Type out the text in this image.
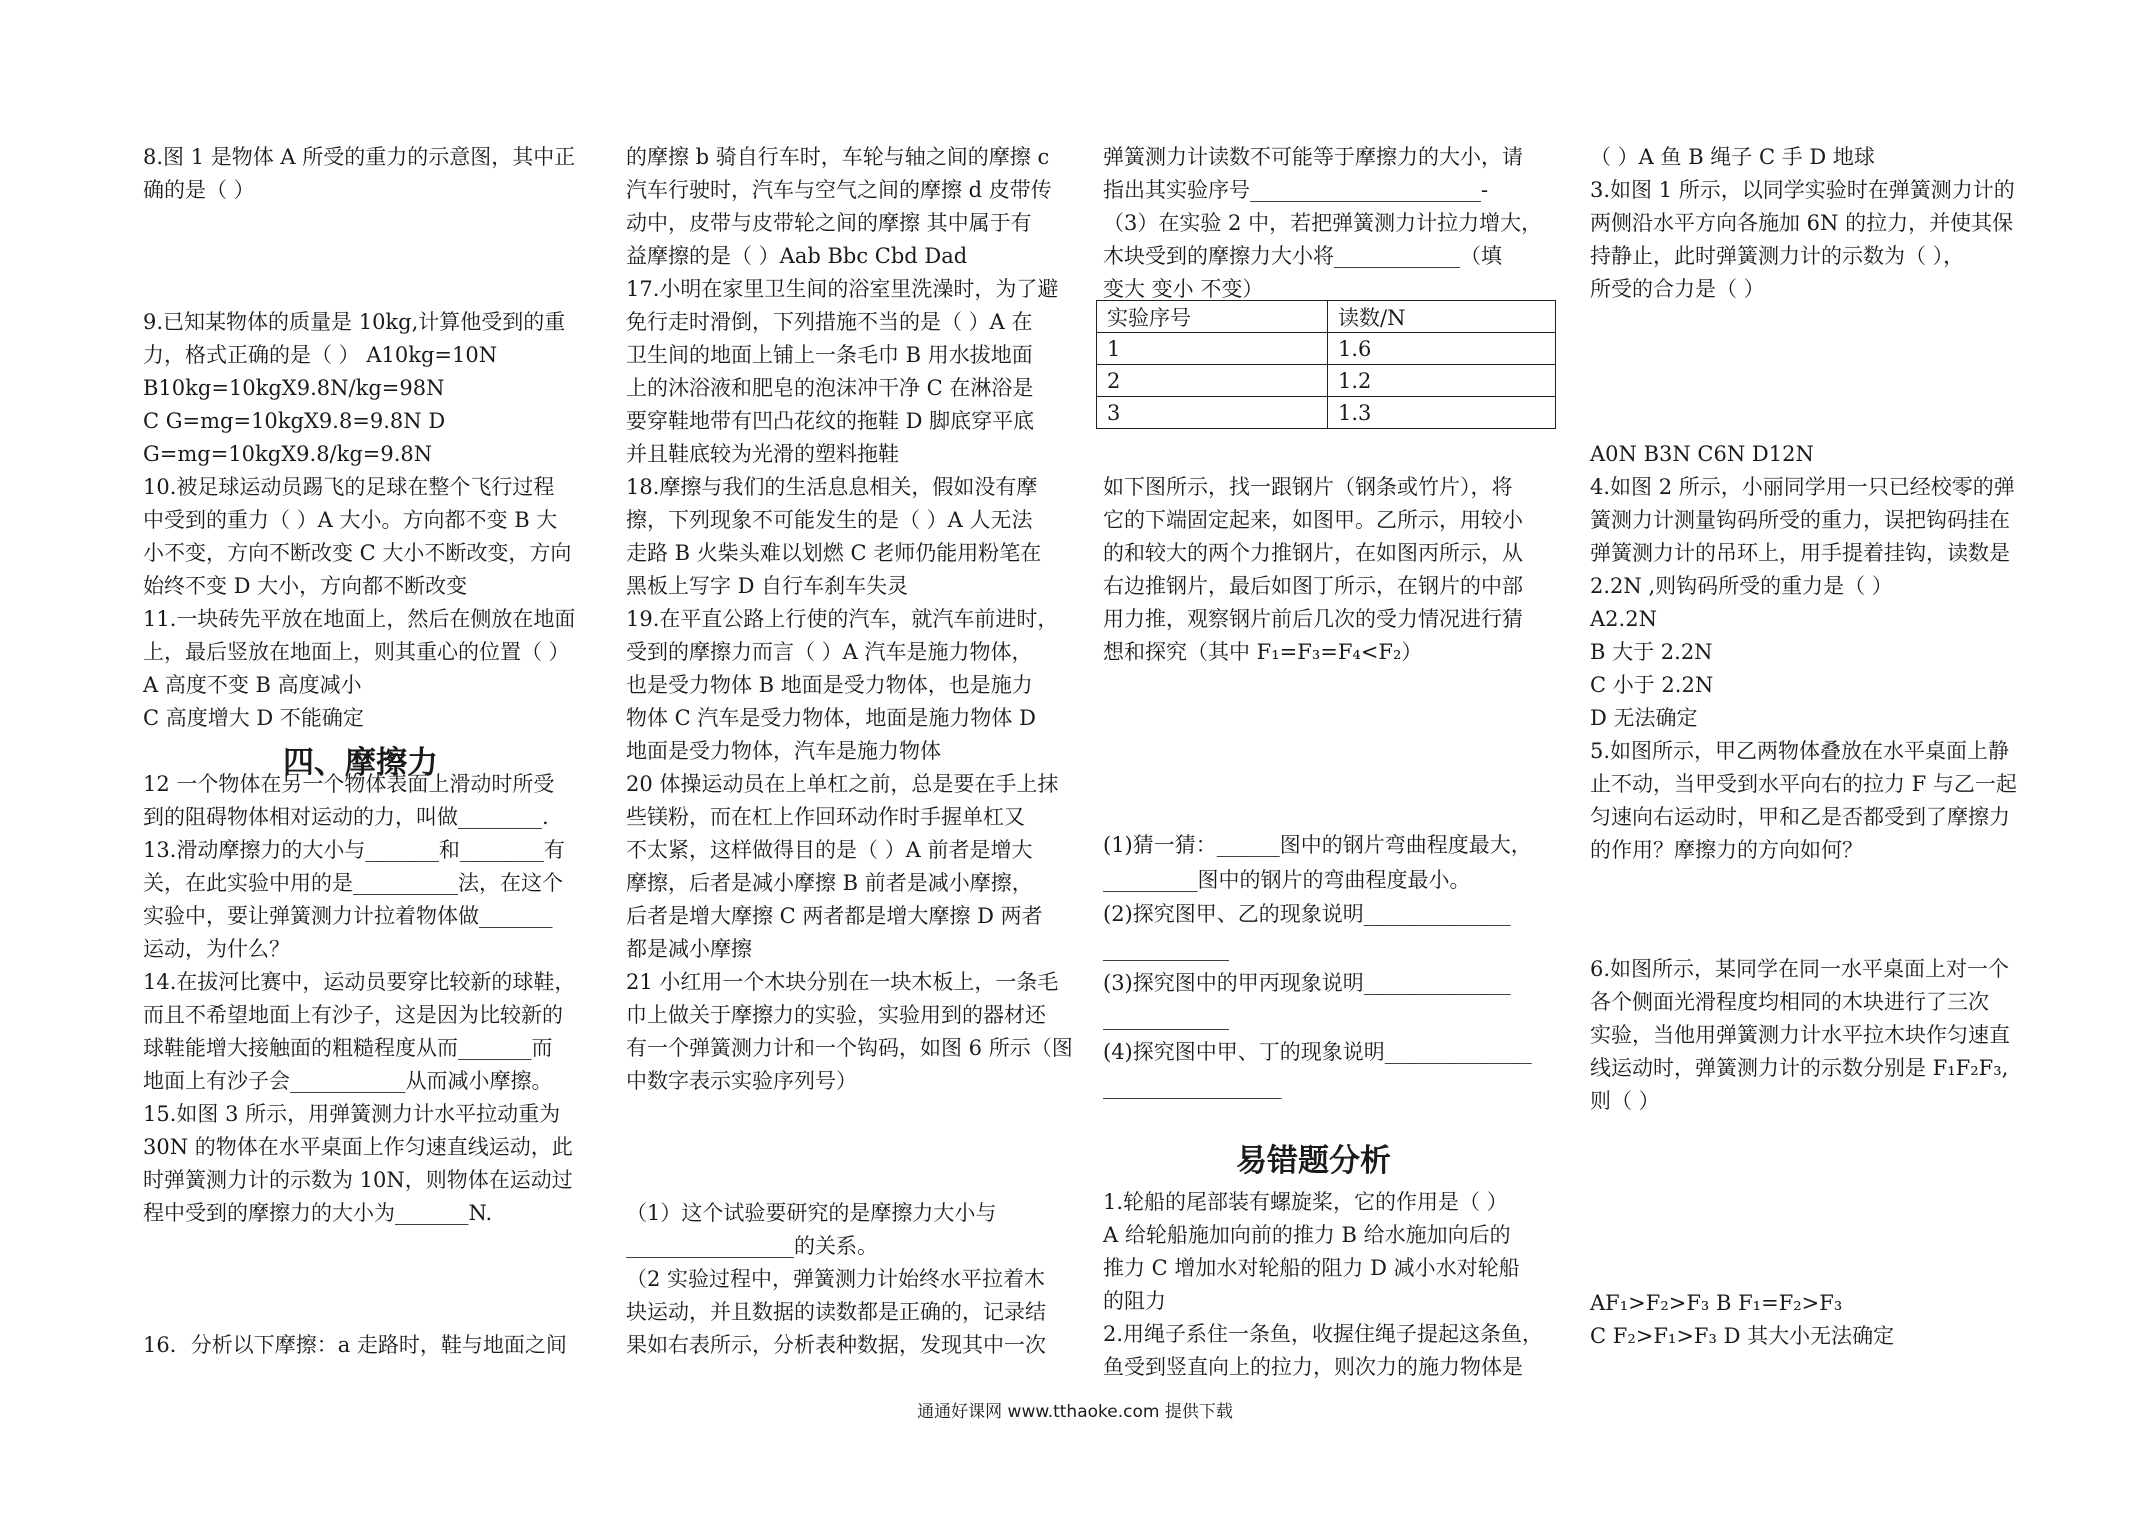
8.图 1 是物体 A 所受的重力的示意图，其中正
确的是（ ）
9.已知某物体的质量是 10kg,计算他受到的重
力，格式正确的是（ ） A10kg=10N
B10kg=10kgX9.8N/kg=98N
C G=mg=10kgX9.8=9.8N D
G=mg=10kgX9.8/kg=9.8N
10.被足球运动员踢飞的足球在整个飞行过程
中受到的重力（ ）A 大小。方向都不变 B 大
小不变，方向不断改变 C 大小不断改变，方向
始终不变 D 大小，方向都不断改变
11.一块砖先平放在地面上，然后在侧放在地面
上，最后竖放在地面上，则其重心的位置（ ）
A 高度不变 B 高度减小
C 高度增大 D 不能确定
12 一个物体在另一个物体表面上滑动时所受
到的阻碍物体相对运动的力，叫做________.
13.滑动摩擦力的大小与_______和________有
关，在此实验中用的是__________法，在这个
实验中，要让弹簧测力计拉着物体做_______
运动，为什么？
14.在拔河比赛中，运动员要穿比较新的球鞋，
而且不希望地面上有沙子，这是因为比较新的
球鞋能增大接触面的粗糙程度从而_______而
地面上有沙子会___________从而减小摩擦。
15.如图 3 所示，用弹簧测力计水平拉动重为
30N 的物体在水平桌面上作匀速直线运动，此
时弹簧测力计的示数为 10N，则物体在运动过
程中受到的摩擦力的大小为_______N.
16．分析以下摩擦：a 走路时，鞋与地面之间
四、摩擦力
的摩擦 b 骑自行车时，车轮与轴之间的摩擦 c
汽车行驶时，汽车与空气之间的摩擦 d 皮带传
动中，皮带与皮带轮之间的摩擦 其中属于有
益摩擦的是（ ）Aab Bbc Cbd Dad
17.小明在家里卫生间的浴室里洗澡时，为了避
免行走时滑倒，下列措施不当的是（ ）A 在
卫生间的地面上铺上一条毛巾 B 用水拔地面
上的沐浴液和肥皂的泡沫冲干净 C 在淋浴是
要穿鞋地带有凹凸花纹的拖鞋 D 脚底穿平底
并且鞋底较为光滑的塑料拖鞋
18.摩擦与我们的生活息息相关，假如没有摩
擦，下列现象不可能发生的是（ ）A 人无法
走路 B 火柴头难以划燃 C 老师仍能用粉笔在
黑板上写字 D 自行车刹车失灵
19.在平直公路上行使的汽车，就汽车前进时，
受到的摩擦力而言（ ）A 汽车是施力物体，
也是受力物体 B 地面是受力物体，也是施力
物体 C 汽车是受力物体，地面是施力物体 D
地面是受力物体，汽车是施力物体
20 体操运动员在上单杠之前，总是要在手上抹
些镁粉，而在杠上作回环动作时手握单杠又
不太紧，这样做得目的是（ ）A 前者是增大
摩擦，后者是减小摩擦 B 前者是减小摩擦，
后者是增大摩擦 C 两者都是增大摩擦 D 两者
都是减小摩擦
21 小红用一个木块分别在一块木板上，一条毛
巾上做关于摩擦力的实验，实验用到的器材还
有一个弹簧测力计和一个钩码，如图 6 所示（图
中数字表示实验序列号）
（1）这个试验要研究的是摩擦力大小与
________________的关系。
（2 实验过程中，弹簧测力计始终水平拉着木
块运动，并且数据的读数都是正确的，记录结
果如右表所示，分析表种数据，发现其中一次
弹簧测力计读数不可能等于摩擦力的大小，请
指出其实验序号______________________-
（3）在实验 2 中，若把弹簧测力计拉力增大，
木块受到的摩擦力大小将____________（填
变大 变小 不变）
实验序号	读数/N
1	1.6
2	1.2
3	1.3
如下图所示，找一跟钢片（钢条或竹片），将
它的下端固定起来，如图甲。乙所示，用较小
的和较大的两个力推钢片，在如图丙所示，从
右边推钢片，最后如图丁所示，在钢片的中部
用力推，观察钢片前后几次的受力情况进行猜
想和探究（其中 F₁=F₃=F₄<F₂）
(1)猜一猜：______图中的钢片弯曲程度最大，
_________图中的钢片的弯曲程度最小。
(2)探究图甲、乙的现象说明______________
____________
(3)探究图中的甲丙现象说明______________
____________
(4)探究图中甲、丁的现象说明______________
_________________
1.轮船的尾部装有螺旋桨，它的作用是（ ）
A 给轮船施加向前的推力 B 给水施加向后的
推力 C 增加水对轮船的阻力 D 减小水对轮船
的阻力
2.用绳子系住一条鱼，收握住绳子提起这条鱼，
鱼受到竖直向上的拉力，则次力的施力物体是
易错题分析
（ ）A 鱼 B 绳子 C 手 D 地球
3.如图 1 所示，以同学实验时在弹簧测力计的
两侧沿水平方向各施加 6N 的拉力，并使其保
持静止，此时弹簧测力计的示数为（ ），
所受的合力是（ ）
A0N B3N C6N D12N
4.如图 2 所示，小丽同学用一只已经校零的弹
簧测力计测量钩码所受的重力，误把钩码挂在
弹簧测力计的吊环上，用手提着挂钩，读数是
2.2N ,则钩码所受的重力是（ ）
A2.2N
B 大于 2.2N
C 小于 2.2N
D 无法确定
5.如图所示，甲乙两物体叠放在水平桌面上静
止不动，当甲受到水平向右的拉力 F 与乙一起
匀速向右运动时，甲和乙是否都受到了摩擦力
的作用？摩擦力的方向如何？
6.如图所示，某同学在同一水平桌面上对一个
各个侧面光滑程度均相同的木块进行了三次
实验，当他用弹簧测力计水平拉木块作匀速直
线运动时，弹簧测力计的示数分别是 F₁F₂F₃,
则（ ）
AF₁>F₂>F₃ B F₁=F₂>F₃
C F₂>F₁>F₃ D 其大小无法确定
通通好课网 www.tthaoke.com 提供下载
